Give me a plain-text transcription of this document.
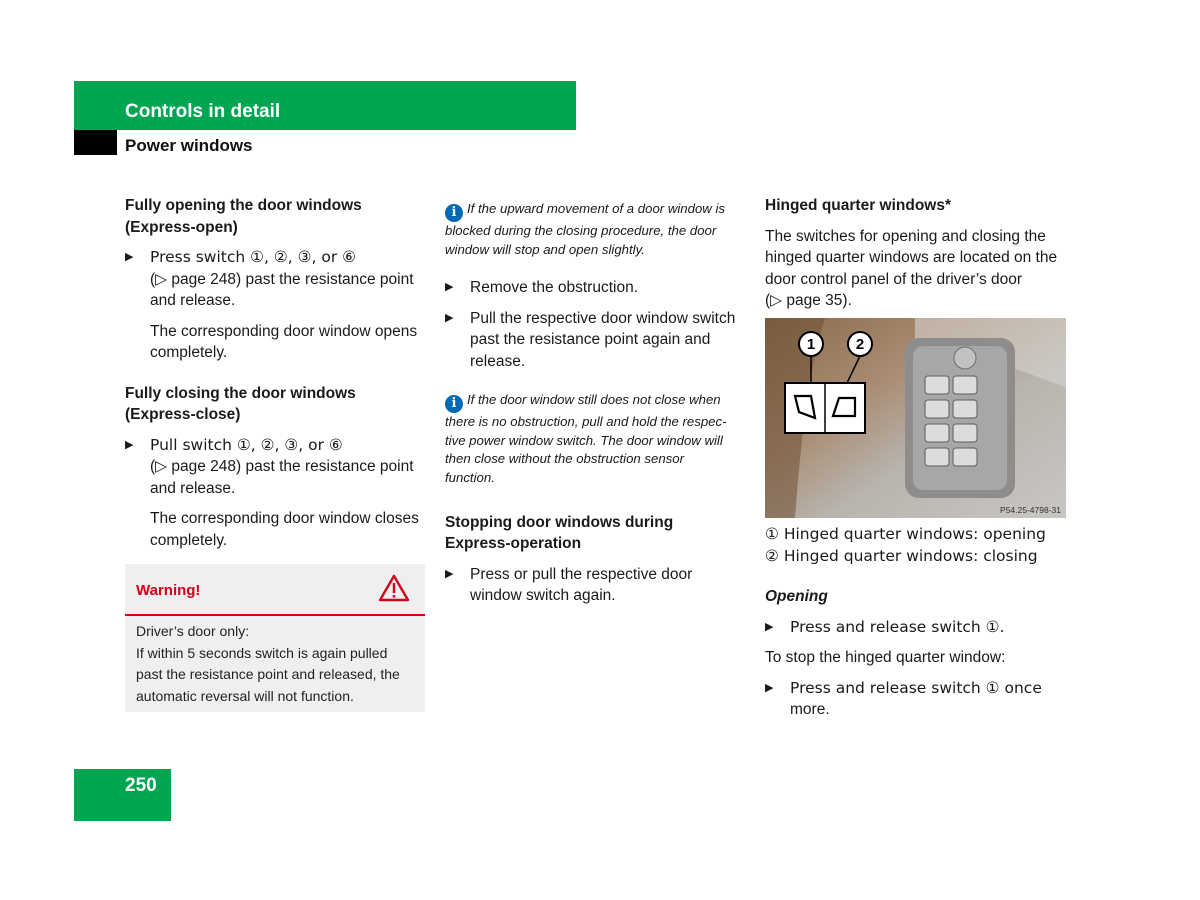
Controls in detail
Power windows
Fully opening the door windows
(Express-open)
▶ Press switch ①, ②, ③, or ⑥
(▷ page 248) past the resistance point
and release.
The corresponding door window opens
completely.
Fully closing the door windows
(Express-close)
▶ Pull switch ①, ②, ③, or ⑥
(▷ page 248) past the resistance point
and release.
The corresponding door window closes
completely.
Warning!
Driver’s door only:
If within 5 seconds switch is again pulled
past the resistance point and released, the
automatic reversal will not function.
i If the upward movement of a door window is
blocked during the closing procedure, the door
window will stop and open slightly.
▶ Remove the obstruction.
▶ Pull the respective door window switch
past the resistance point again and
release.
i If the door window still does not close when
there is no obstruction, pull and hold the respec-
tive power window switch. The door window will
then close without the obstruction sensor
function.
Stopping door windows during
Express-operation
▶ Press or pull the respective door
window switch again.
Hinged quarter windows*
The switches for opening and closing the
hinged quarter windows are located on the
door control panel of the driver’s door
(▷ page 35).
1	2
P54.25-4798-31
① Hinged quarter windows: opening
② Hinged quarter windows: closing
Opening
▶ Press and release switch ①.
To stop the hinged quarter window:
▶ Press and release switch ① once
more.
250
